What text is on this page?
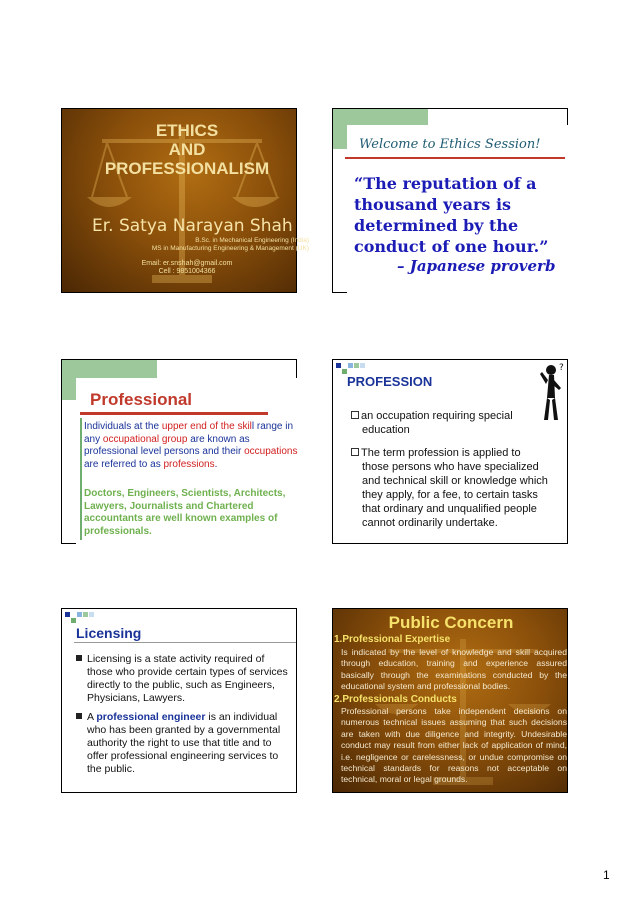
ETHICS
AND
PROFESSIONALISM
Er. Satya Narayan Shah
B.Sc. in Mechanical Engineering (India)
MS in Manufacturing Engineering & Management (UK)
Email: er.snshah@gmail.com
Cell : 9851004366
Welcome to Ethics Session!
“The reputation of a
thousand years is
determined by the
conduct of one hour.”
– Japanese proverb
Professional
Individuals at the upper end of the skill range in any occupational group are known as professional level persons and their occupations are referred to as professions.
Doctors, Engineers, Scientists, Architects, Lawyers, Journalists and Chartered accountants are well known examples of professionals.
PROFESSION
?
an occupation requiring special
education
The term profession is applied to
those persons who have specialized
and technical skill or knowledge which
they apply, for a fee, to certain tasks
that ordinary and unqualified people
cannot ordinarily undertake.
Licensing
Licensing is a state activity required of
those who provide certain types of services
directly to the public, such as Engineers,
Physicians, Lawyers.
A professional engineer is an individual
who has been granted by a governmental
authority the right to use that title and to
offer professional engineering services to
the public.
Public Concern
1.Professional Expertise
Is indicated by the level of knowledge and skill acquired through education, training and experience assured basically through the examinations conducted by the educational system and professional bodies.
2.Professionals Conducts
Professional persons take independent decisions on numerous technical issues assuming that such decisions are taken with due diligence and integrity. Undesirable conduct may result from either lack of application of mind, i.e. negligence or carelessness, or undue compromise on technical standards for reasons not acceptable on technical, moral or legal grounds.
1
